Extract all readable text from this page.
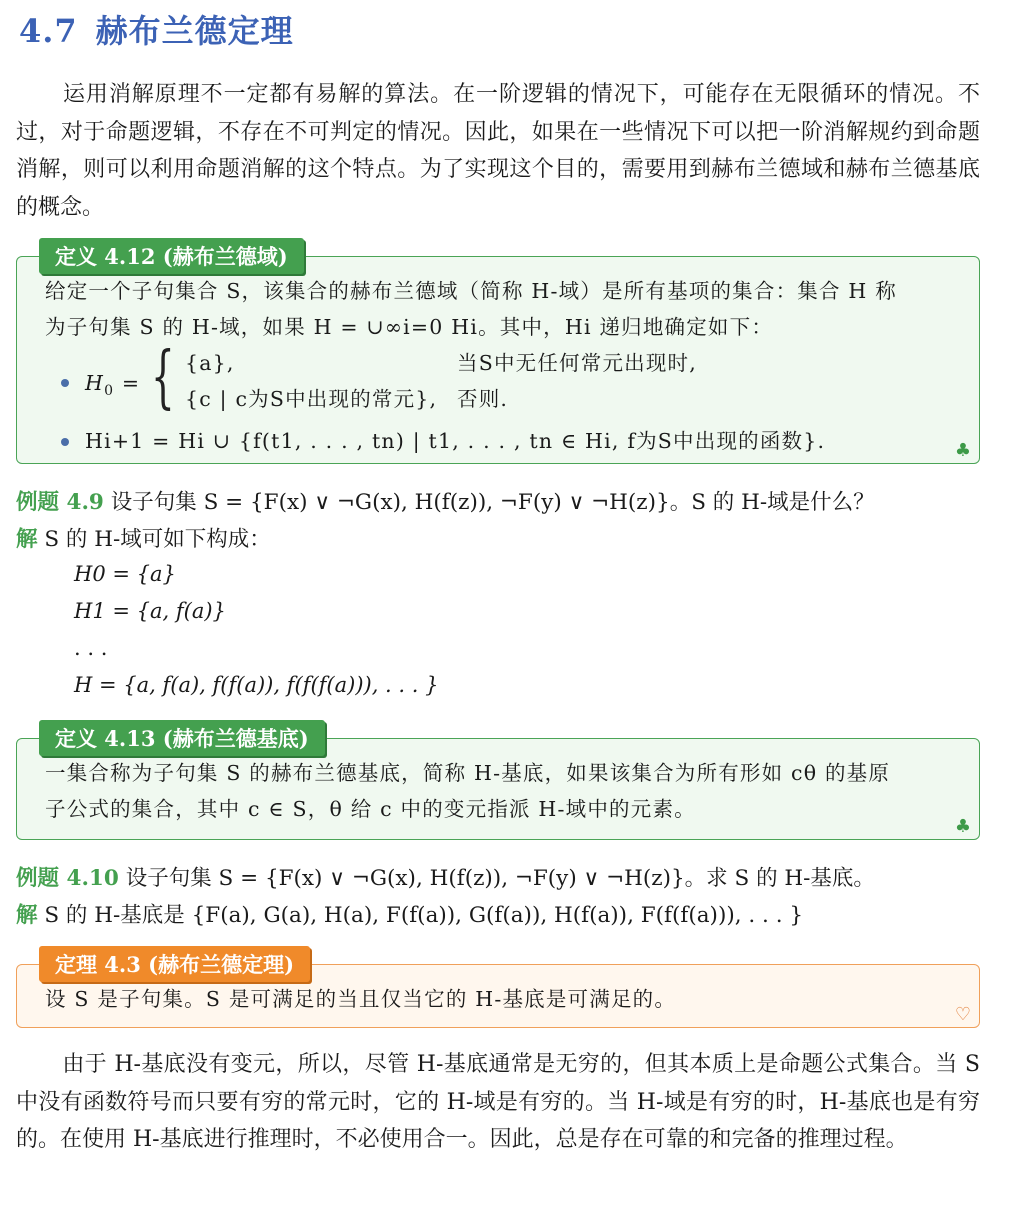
4.7 赫布兰德定理
运用消解原理不一定都有易解的算法。在一阶逻辑的情况下，可能存在无限循环的情况。不过，对于命题逻辑，不存在不可判定的情况。因此，如果在一些情况下可以把一阶消解规约到命题消解，则可以利用命题消解的这个特点。为了实现这个目的，需要用到赫布兰德域和赫布兰德基底的概念。
定义 4.12 (赫布兰德域)
给定一个子句集合 S，该集合的赫布兰德域（简称 H-域）是所有基项的集合：集合 H 称
为子句集 S 的 H-域，如果 H = ∪∞i=0 Hi。其中，Hi 递归地确定如下：
$H_0$ = { {a},	当S中无任何常元出现时,
{c | c为S中出现的常元}, 否则.
Hi+1 = Hi ∪ {f(t1, . . . , tn) | t1, . . . , tn ∈ Hi, f为S中出现的函数}.	♣
例题 4.9 设子句集 S = {F(x) ∨ ¬G(x), H(f(z)), ¬F(y) ∨ ¬H(z)}。S 的 H-域是什么？
解 S 的 H-域可如下构成：
H0 = {a}
H1 = {a, f(a)}
. . .
H = {a, f(a), f(f(a)), f(f(f(a))), . . . }
定义 4.13 (赫布兰德基底)
一集合称为子句集 S 的赫布兰德基底，简称 H-基底，如果该集合为所有形如 cθ 的基原
子公式的集合，其中 c ∈ S，θ 给 c 中的变元指派 H-域中的元素。
♣
例题 4.10 设子句集 S = {F(x) ∨ ¬G(x), H(f(z)), ¬F(y) ∨ ¬H(z)}。求 S 的 H-基底。
解 S 的 H-基底是 {F(a), G(a), H(a), F(f(a)), G(f(a)), H(f(a)), F(f(f(a))), . . . }
定理 4.3 (赫布兰德定理)
设 S 是子句集。S 是可满足的当且仅当它的 H-基底是可满足的。
♡
由于 H-基底没有变元，所以，尽管 H-基底通常是无穷的，但其本质上是命题公式集合。当 S 中没有函数符号而只要有穷的常元时，它的 H-域是有穷的。当 H-域是有穷的时，H-基底也是有穷的。在使用 H-基底进行推理时，不必使用合一。因此，总是存在可靠的和完备的推理过程。
